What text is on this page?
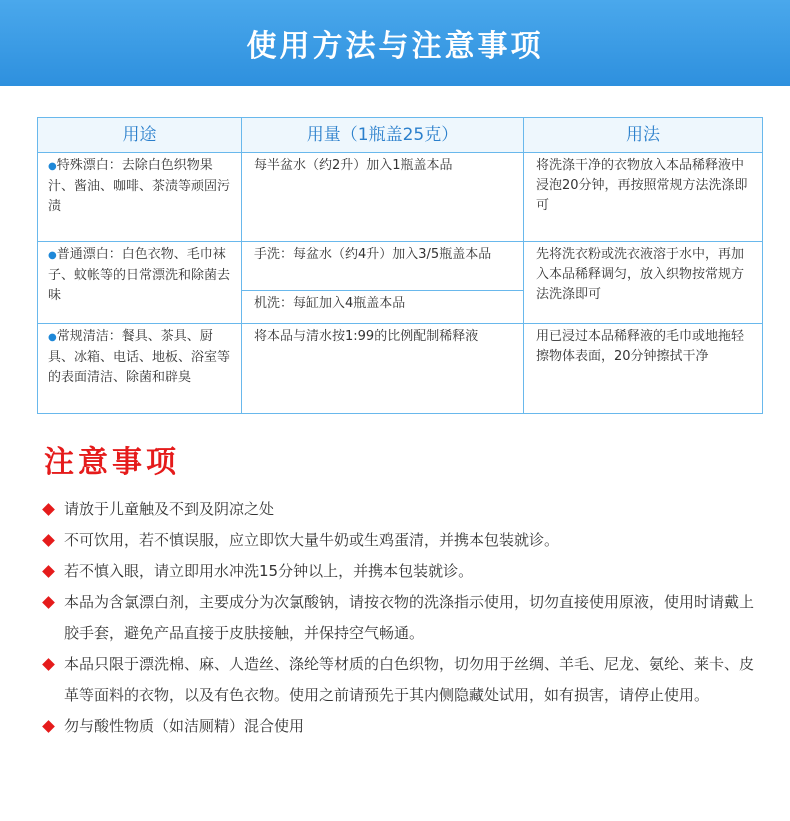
使用方法与注意事项
用途	用量（1瓶盖25克）	用法
●特殊漂白：去除白色织物果汁、酱油、咖啡、茶渍等顽固污渍	每半盆水（约2升）加入1瓶盖本品	将洗涤干净的衣物放入本品稀释液中浸泡20分钟，再按照常规方法洗涤即可
●普通漂白：白色衣物、毛巾袜子、蚊帐等的日常漂洗和除菌去味	手洗：每盆水（约4升）加入3/5瓶盖本品	先将洗衣粉或洗衣液溶于水中，再加入本品稀释调匀，放入织物按常规方法洗涤即可
	机洗：每缸加入4瓶盖本品	
●常规清洁：餐具、茶具、厨具、冰箱、电话、地板、浴室等的表面清洁、除菌和辟臭	将本品与清水按1:99的比例配制稀释液	用已浸过本品稀释液的毛巾或地拖轻擦物体表面，20分钟擦拭干净
注意事项
请放于儿童触及不到及阴凉之处
不可饮用，若不慎误服，应立即饮大量牛奶或生鸡蛋清，并携本包装就诊。
若不慎入眼，请立即用水冲洗15分钟以上，并携本包装就诊。
本品为含氯漂白剂，主要成分为次氯酸钠，请按衣物的洗涤指示使用，切勿直接使用原液，使用时请戴上胶手套，避免产品直接于皮肤接触，并保持空气畅通。
本品只限于漂洗棉、麻、人造丝、涤纶等材质的白色织物，切勿用于丝绸、羊毛、尼龙、氨纶、莱卡、皮革等面料的衣物，以及有色衣物。使用之前请预先于其内侧隐藏处试用，如有损害，请停止使用。
勿与酸性物质（如洁厕精）混合使用
